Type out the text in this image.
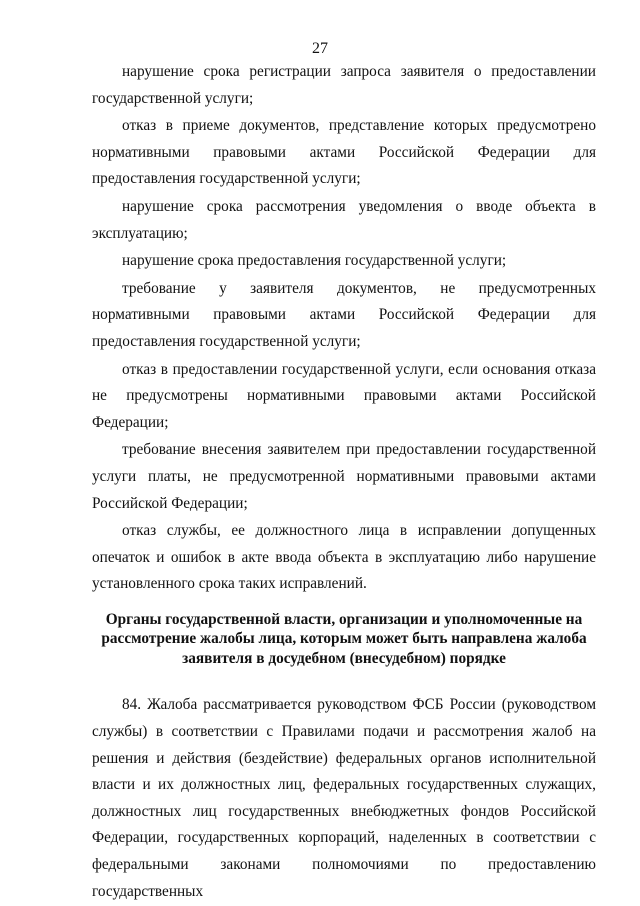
27

нарушение срока регистрации запроса заявителя о предоставлении государственной услуги;

отказ в приеме документов, представление которых предусмотрено нормативными правовыми актами Российской Федерации для предоставления государственной услуги;

нарушение срока рассмотрения уведомления о вводе объекта в эксплуатацию;

нарушение срока предоставления государственной услуги;

требование у заявителя документов, не предусмотренных нормативными правовыми актами Российской Федерации для предоставления государственной услуги;

отказ в предоставлении государственной услуги, если основания отказа не предусмотрены нормативными правовыми актами Российской Федерации;

требование внесения заявителем при предоставлении государственной услуги платы, не предусмотренной нормативными правовыми актами Российской Федерации;

отказ службы, ее должностного лица в исправлении допущенных опечаток и ошибок в акте ввода объекта в эксплуатацию либо нарушение установленного срока таких исправлений.

Органы государственной власти, организации и уполномоченные на
рассмотрение жалобы лица, которым может быть направлена жалоба
заявителя в досудебном (внесудебном) порядке

84. Жалоба рассматривается руководством ФСБ России (руководством службы) в соответствии с Правилами подачи и рассмотрения жалоб на решения и действия (бездействие) федеральных органов исполнительной власти и их должностных лиц, федеральных государственных служащих, должностных лиц государственных внебюджетных фондов Российской Федерации, государственных корпораций, наделенных в соответствии с федеральными законами полномочиями по предоставлению государственных
